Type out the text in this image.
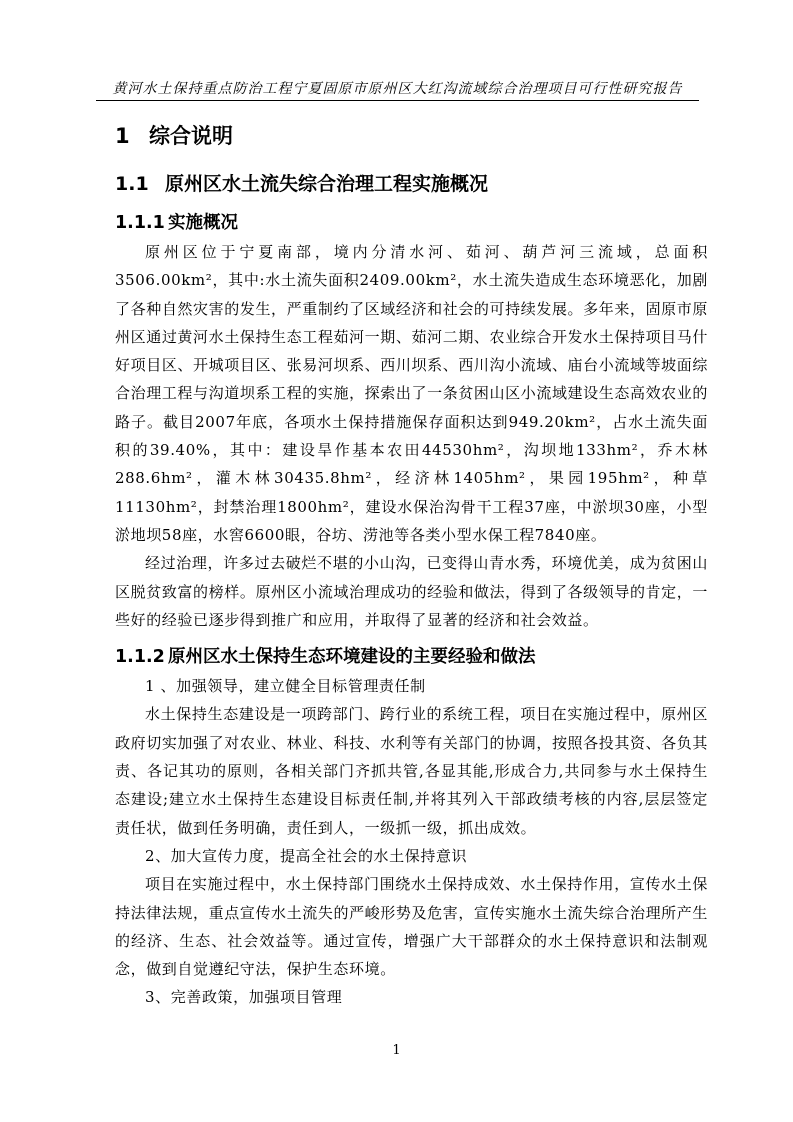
黄河水土保持重点防治工程宁夏固原市原州区大红沟流域综合治理项目可行性研究报告
1 综合说明
1.1 原州区水土流失综合治理工程实施概况
1.1.1 实施概况

原州区位于宁夏南部，境内分清水河、茹河、葫芦河三流域，总面积3506.00km²，其中:水土流失面积2409.00km²，水土流失造成生态环境恶化，加剧了各种自然灾害的发生，严重制约了区域经济和社会的可持续发展。多年来，固原市原州区通过黄河水土保持生态工程茹河一期、茹河二期、农业综合开发水土保持项目马什好项目区、开城项目区、张易河坝系、西川坝系、西川沟小流域、庙台小流域等坡面综合治理工程与沟道坝系工程的实施，探索出了一条贫困山区小流域建设生态高效农业的路子。截目2007年底，各项水土保持措施保存面积达到949.20km²，占水土流失面积的39.40%，其中：建设旱作基本农田44530hm²，沟坝地133hm²，乔木林288.6hm²，灌木林30435.8hm²，经济林1405hm²，果园195hm²，种草11130hm²，封禁治理1800hm²，建设水保治沟骨干工程37座，中淤坝30座，小型淤地坝58座，水窖6600眼，谷坊、涝池等各类小型水保工程7840座。

经过治理，许多过去破烂不堪的小山沟，已变得山青水秀，环境优美，成为贫困山区脱贫致富的榜样。原州区小流域治理成功的经验和做法，得到了各级领导的肯定，一些好的经验已逐步得到推广和应用，并取得了显著的经济和社会效益。

1.1.2 原州区水土保持生态环境建设的主要经验和做法

1 、加强领导，建立健全目标管理责任制

水土保持生态建设是一项跨部门、跨行业的系统工程，项目在实施过程中，原州区政府切实加强了对农业、林业、科技、水利等有关部门的协调，按照各投其资、各负其责、各记其功的原则，各相关部门齐抓共管,各显其能,形成合力,共同参与水土保持生态建设;建立水土保持生态建设目标责任制,并将其列入干部政绩考核的内容,层层签定责任状，做到任务明确，责任到人，一级抓一级，抓出成效。

2、加大宣传力度，提高全社会的水土保持意识

项目在实施过程中，水土保持部门围绕水土保持成效、水土保持作用，宣传水土保持法律法规，重点宣传水土流失的严峻形势及危害，宣传实施水土流失综合治理所产生的经济、生态、社会效益等。通过宣传，增强广大干部群众的水土保持意识和法制观念，做到自觉遵纪守法，保护生态环境。

3、完善政策，加强项目管理

1
